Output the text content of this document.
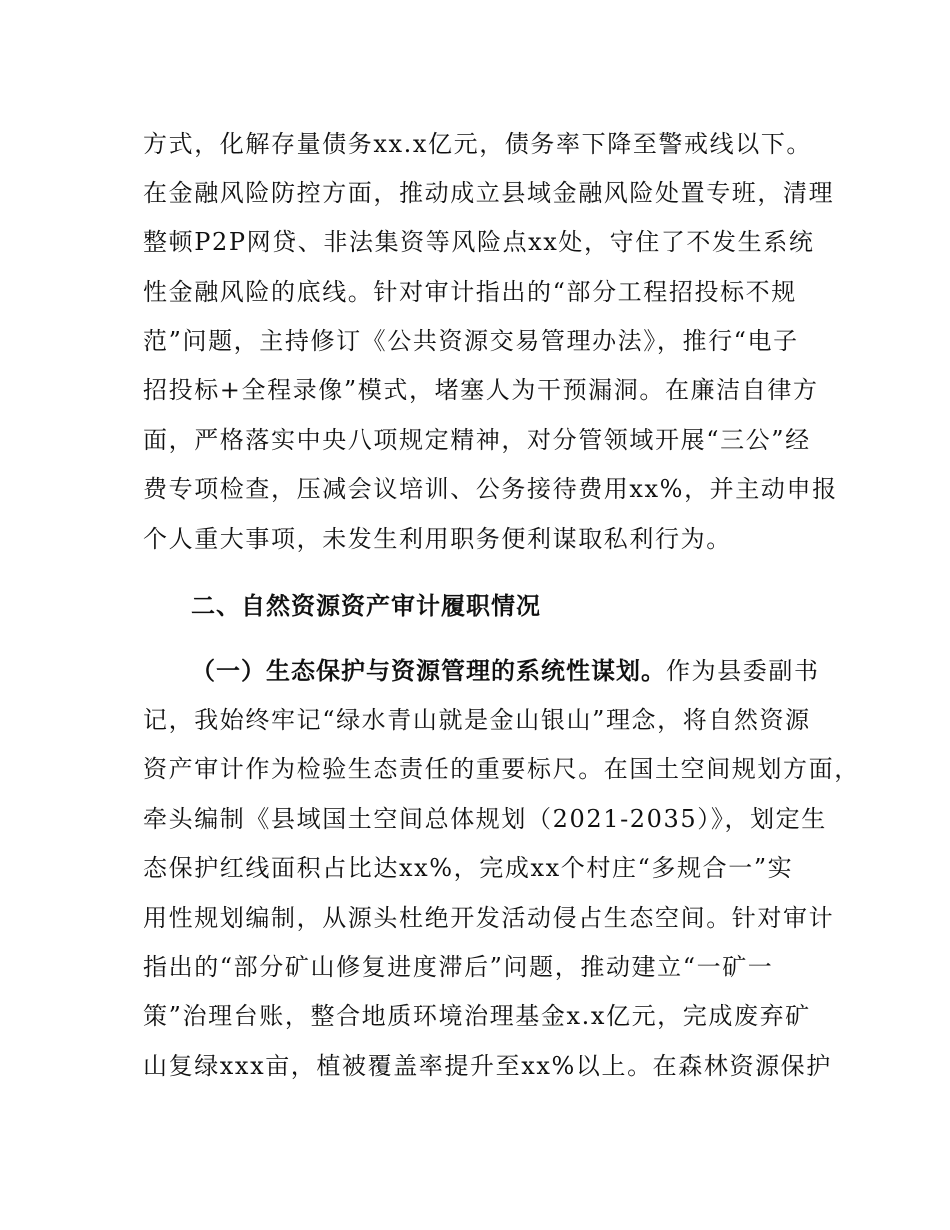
方式，化解存量债务xx.x亿元，债务率下降至警戒线以下。
在金融风险防控方面，推动成立县域金融风险处置专班，清理
整顿P2P网贷、非法集资等风险点xx处，守住了不发生系统
性金融风险的底线。针对审计指出的“部分工程招投标不规
范”问题，主持修订《公共资源交易管理办法》，推行“电子
招投标+全程录像”模式，堵塞人为干预漏洞。在廉洁自律方
面，严格落实中央八项规定精神，对分管领域开展“三公”经
费专项检查，压减会议培训、公务接待费用xx%，并主动申报
个人重大事项，未发生利用职务便利谋取私利行为。
二、自然资源资产审计履职情况
（一）生态保护与资源管理的系统性谋划。作为县委副书
记，我始终牢记“绿水青山就是金山银山”理念，将自然资源
资产审计作为检验生态责任的重要标尺。在国土空间规划方面，
牵头编制《县域国土空间总体规划（2021-2035）》，划定生
态保护红线面积占比达xx%，完成xx个村庄“多规合一”实
用性规划编制，从源头杜绝开发活动侵占生态空间。针对审计
指出的“部分矿山修复进度滞后”问题，推动建立“一矿一
策”治理台账，整合地质环境治理基金x.x亿元，完成废弃矿
山复绿xxx亩，植被覆盖率提升至xx%以上。在森林资源保护
